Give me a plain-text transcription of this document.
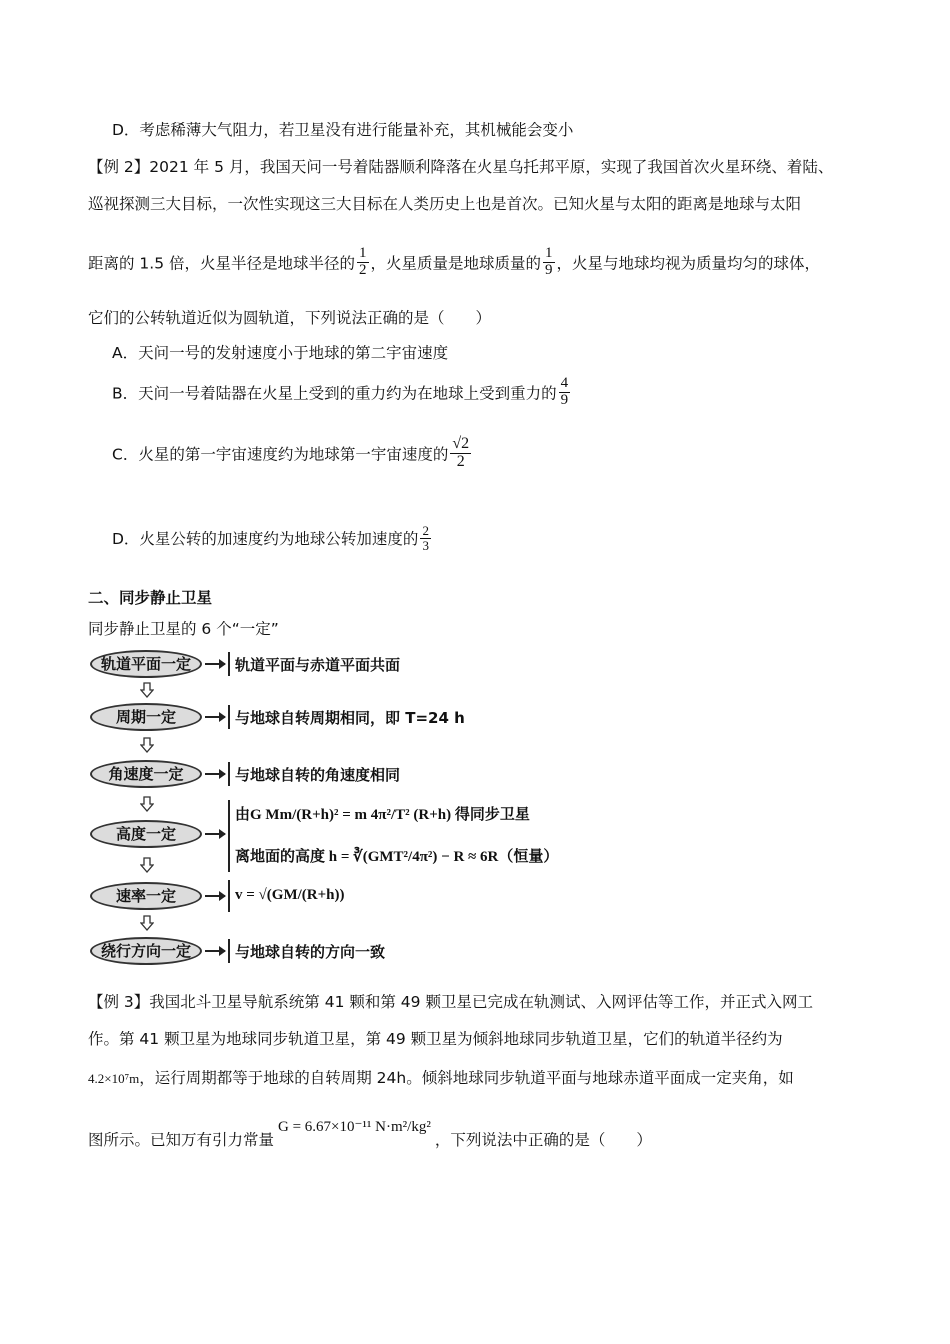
D．考虑稀薄大气阻力，若卫星没有进行能量补充，其机械能会变小
【例 2】2021 年 5 月，我国天问一号着陆器顺利降落在火星乌托邦平原，实现了我国首次火星环绕、着陆、
巡视探测三大目标，一次性实现这三大目标在人类历史上也是首次。已知火星与太阳的距离是地球与太阳
距离的 1.5 倍，火星半径是地球半径的 $\frac{1}{2}$ ，火星质量是地球质量的 $\frac{1}{9}$ ，火星与地球均视为质量均匀的球体，
它们的公转轨道近似为圆轨道，下列说法正确的是（　　）
A．天问一号的发射速度小于地球的第二宇宙速度
B．天问一号着陆器在火星上受到的重力约为在地球上受到重力的 $\frac{4}{9}$
C．火星的第一宇宙速度约为地球第一宇宙速度的 $\frac{√2}{2}$
D．火星公转的加速度约为地球公转加速度的 $\frac{2}{3}$
二、同步静止卫星
同步静止卫星的 6 个“一定”
轨道平面一定	轨道平面与赤道平面共面
周期一定	与地球自转周期相同，即 T=24 h
角速度一定	与地球自转的角速度相同
高度一定
由G Mm/(R+h)² = m 4π²/T² (R+h) 得同步卫星
离地面的高度 h = ∛(GMT²/4π²) − R ≈ 6R（恒量）
速率一定	v = √(GM/(R+h))
绕行方向一定	与地球自转的方向一致
【例 3】我国北斗卫星导航系统第 41 颗和第 49 颗卫星已完成在轨测试、入网评估等工作，并正式入网工
作。第 41 颗卫星为地球同步轨道卫星，第 49 颗卫星为倾斜地球同步轨道卫星，它们的轨道半径约为
4.2×10⁷m，运行周期都等于地球的自转周期 24h。倾斜地球同步轨道平面与地球赤道平面成一定夹角，如
图所示。已知万有引力常量G = 6.67×10⁻¹¹ N·m²/kg²，下列说法中正确的是（　　）
